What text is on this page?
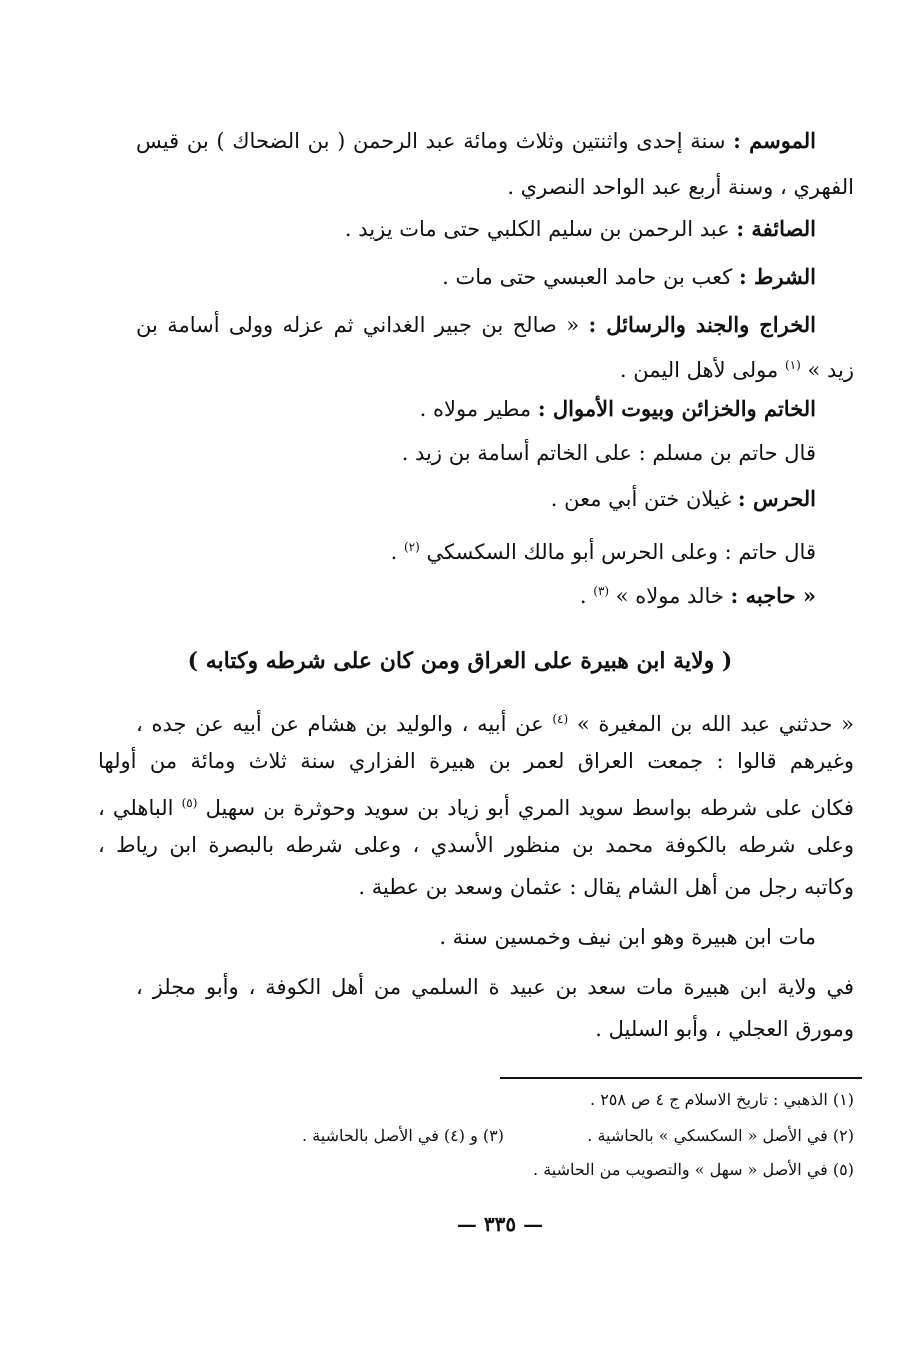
الموسم : سنة إحدى واثنتين وثلاث ومائة عبد الرحمن ( بن الضحاك ) بن قيس
الفهري ، وسنة أربع عبد الواحد النصري .
الصائفة : عبد الرحمن بن سليم الكلبي حتى مات يزيد .
الشرط : كعب بن حامد العبسي حتى مات .
الخراج والجند والرسائل : « صالح بن جبير الغداني ثم عزله وولى أسامة بن
زيد » $^{(١)}$ مولى لأهل اليمن .
الخاتم والخزائن وبيوت الأموال : مطير مولاه .
قال حاتم بن مسلم : على الخاتم أسامة بن زيد .
الحرس : غيلان ختن أبي معن .
قال حاتم : وعلى الحرس أبو مالك السكسكي $^{(٢)}$ .
« حاجبه : خالد مولاه » $^{(٣)}$ .
( ولاية ابن هبيرة على العراق ومن كان على شرطه وكتابه )
« حدثني عبد الله بن المغيرة » $^{(٤)}$ عن أبيه ، والوليد بن هشام عن أبيه عن جده ،
وغيرهم قالوا : جمعت العراق لعمر بن هبيرة الفزاري سنة ثلاث ومائة من أولها
فكان على شرطه بواسط سويد المري أبو زياد بن سويد وحوثرة بن سهيل $^{(٥)}$ الباهلي ،
وعلى شرطه بالكوفة محمد بن منظور الأسدي ، وعلى شرطه بالبصرة ابن رياط ،
وكاتبه رجل من أهل الشام يقال : عثمان وسعد بن عطية .
مات ابن هبيرة وهو ابن نيف وخمسين سنة .
في ولاية ابن هبيرة مات سعد بن عبيد ة السلمي من أهل الكوفة ، وأبو مجلز ،
ومورق العجلي ، وأبو السليل .
(١) الذهبي : تاريخ الاسلام ج ٤ ص ٢٥٨ .
(٢) في الأصل « السكسكي » بالحاشية .
(٣) و (٤) في الأصل بالحاشية .
(٥) في الأصل « سهل » والتصويب من الحاشية .
— ٣٣٥ —
